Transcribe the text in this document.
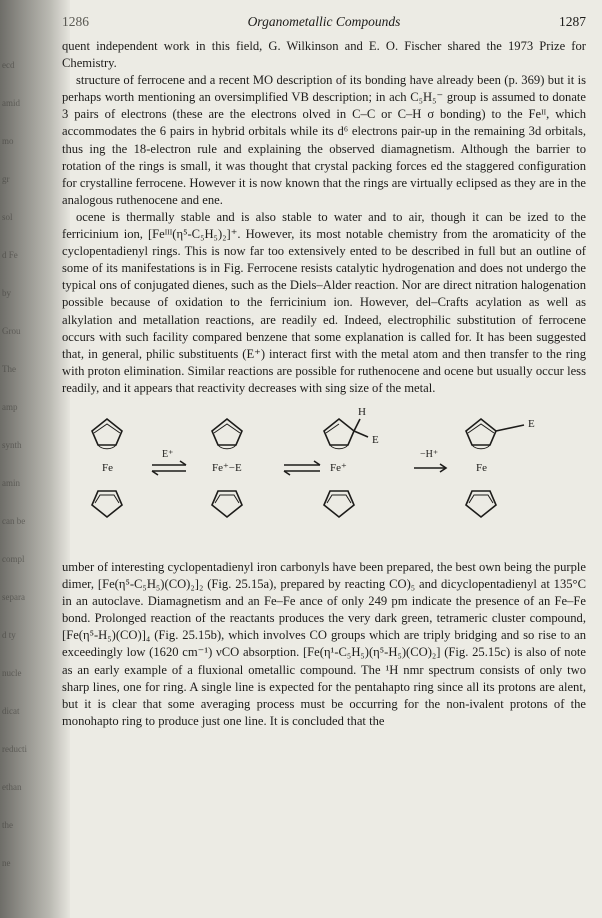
ecd
amid
mo
gr
sol
d Fe
by
Grou
The
amp
synth
amin
can be
compl
separa
d ty
nucle
dicat
reducti
ethan
the
ne
1286	Organometallic Compounds	1287

quent independent work in this field, G. Wilkinson and E. O. Fischer shared the 1973 Prize for Chemistry.

structure of ferrocene and a recent MO description of its bonding have already been (p. 369) but it is perhaps worth mentioning an oversimplified VB description; in ach C₅H₅⁻ group is assumed to donate 3 pairs of electrons (these are the electrons olved in C–C or C–H σ bonding) to the Feᴵᴵ, which accommodates the 6 pairs in hybrid orbitals while its d⁶ electrons pair-up in the remaining 3d orbitals, thus ing the 18-electron rule and explaining the observed diamagnetism. Although the barrier to rotation of the rings is small, it was thought that crystal packing forces ed the staggered configuration for crystalline ferrocene. However it is now known that the rings are virtually eclipsed as they are in the analogous ruthenocene and ene.

ocene is thermally stable and is also stable to water and to air, though it can be ized to the ferricinium ion, [Feᴵᴵᴵ(η⁵-C₅H₅)₂]⁺. However, its most notable chemistry from the aromaticity of the cyclopentadienyl rings. This is now far too extensively ented to be described in full but an outline of some of its manifestations is in Fig. Ferrocene resists catalytic hydrogenation and does not undergo the typical ons of conjugated dienes, such as the Diels–Alder reaction. Nor are direct nitration halogenation possible because of oxidation to the ferricinium ion. However, del–Crafts acylation as well as alkylation and metallation reactions, are readily ed. Indeed, electrophilic substitution of ferrocene occurs with such facility compared benzene that some explanation is called for. It has been suggested that, in general, philic substituents (E⁺) interact first with the metal atom and then transfer to the ring with proton elimination. Similar reactions are possible for ruthenocene and ocene but usually occur less readily, and it appears that reactivity decreases with sing size of the metal.

Fe
E⁺
Fe⁺−E
H
E
Fe⁺
−H⁺
Fe
E

umber of interesting cyclopentadienyl iron carbonyls have been prepared, the best own being the purple dimer, [Fe(η⁵-C₅H₅)(CO)₂]₂ (Fig. 25.15a), prepared by reacting CO)₅ and dicyclopentadienyl at 135°C in an autoclave. Diamagnetism and an Fe–Fe ance of only 249 pm indicate the presence of an Fe–Fe bond. Prolonged reaction of the reactants produces the very dark green, tetrameric cluster compound, [Fe(η⁵-H₅)(CO)]₄ (Fig. 25.15b), which involves CO groups which are triply bridging and so rise to an exceedingly low (1620 cm⁻¹) νCO absorption. [Fe(η¹-C₅H₅)(η⁵-H₅)(CO)₂] (Fig. 25.15c) is also of note as an early example of a fluxional ometallic compound. The ¹H nmr spectrum consists of only two sharp lines, one for ring. A single line is expected for the pentahapto ring since all its protons are alent, but it is clear that some averaging process must be occurring for the non-ivalent protons of the monohapto ring to produce just one line. It is concluded that the
